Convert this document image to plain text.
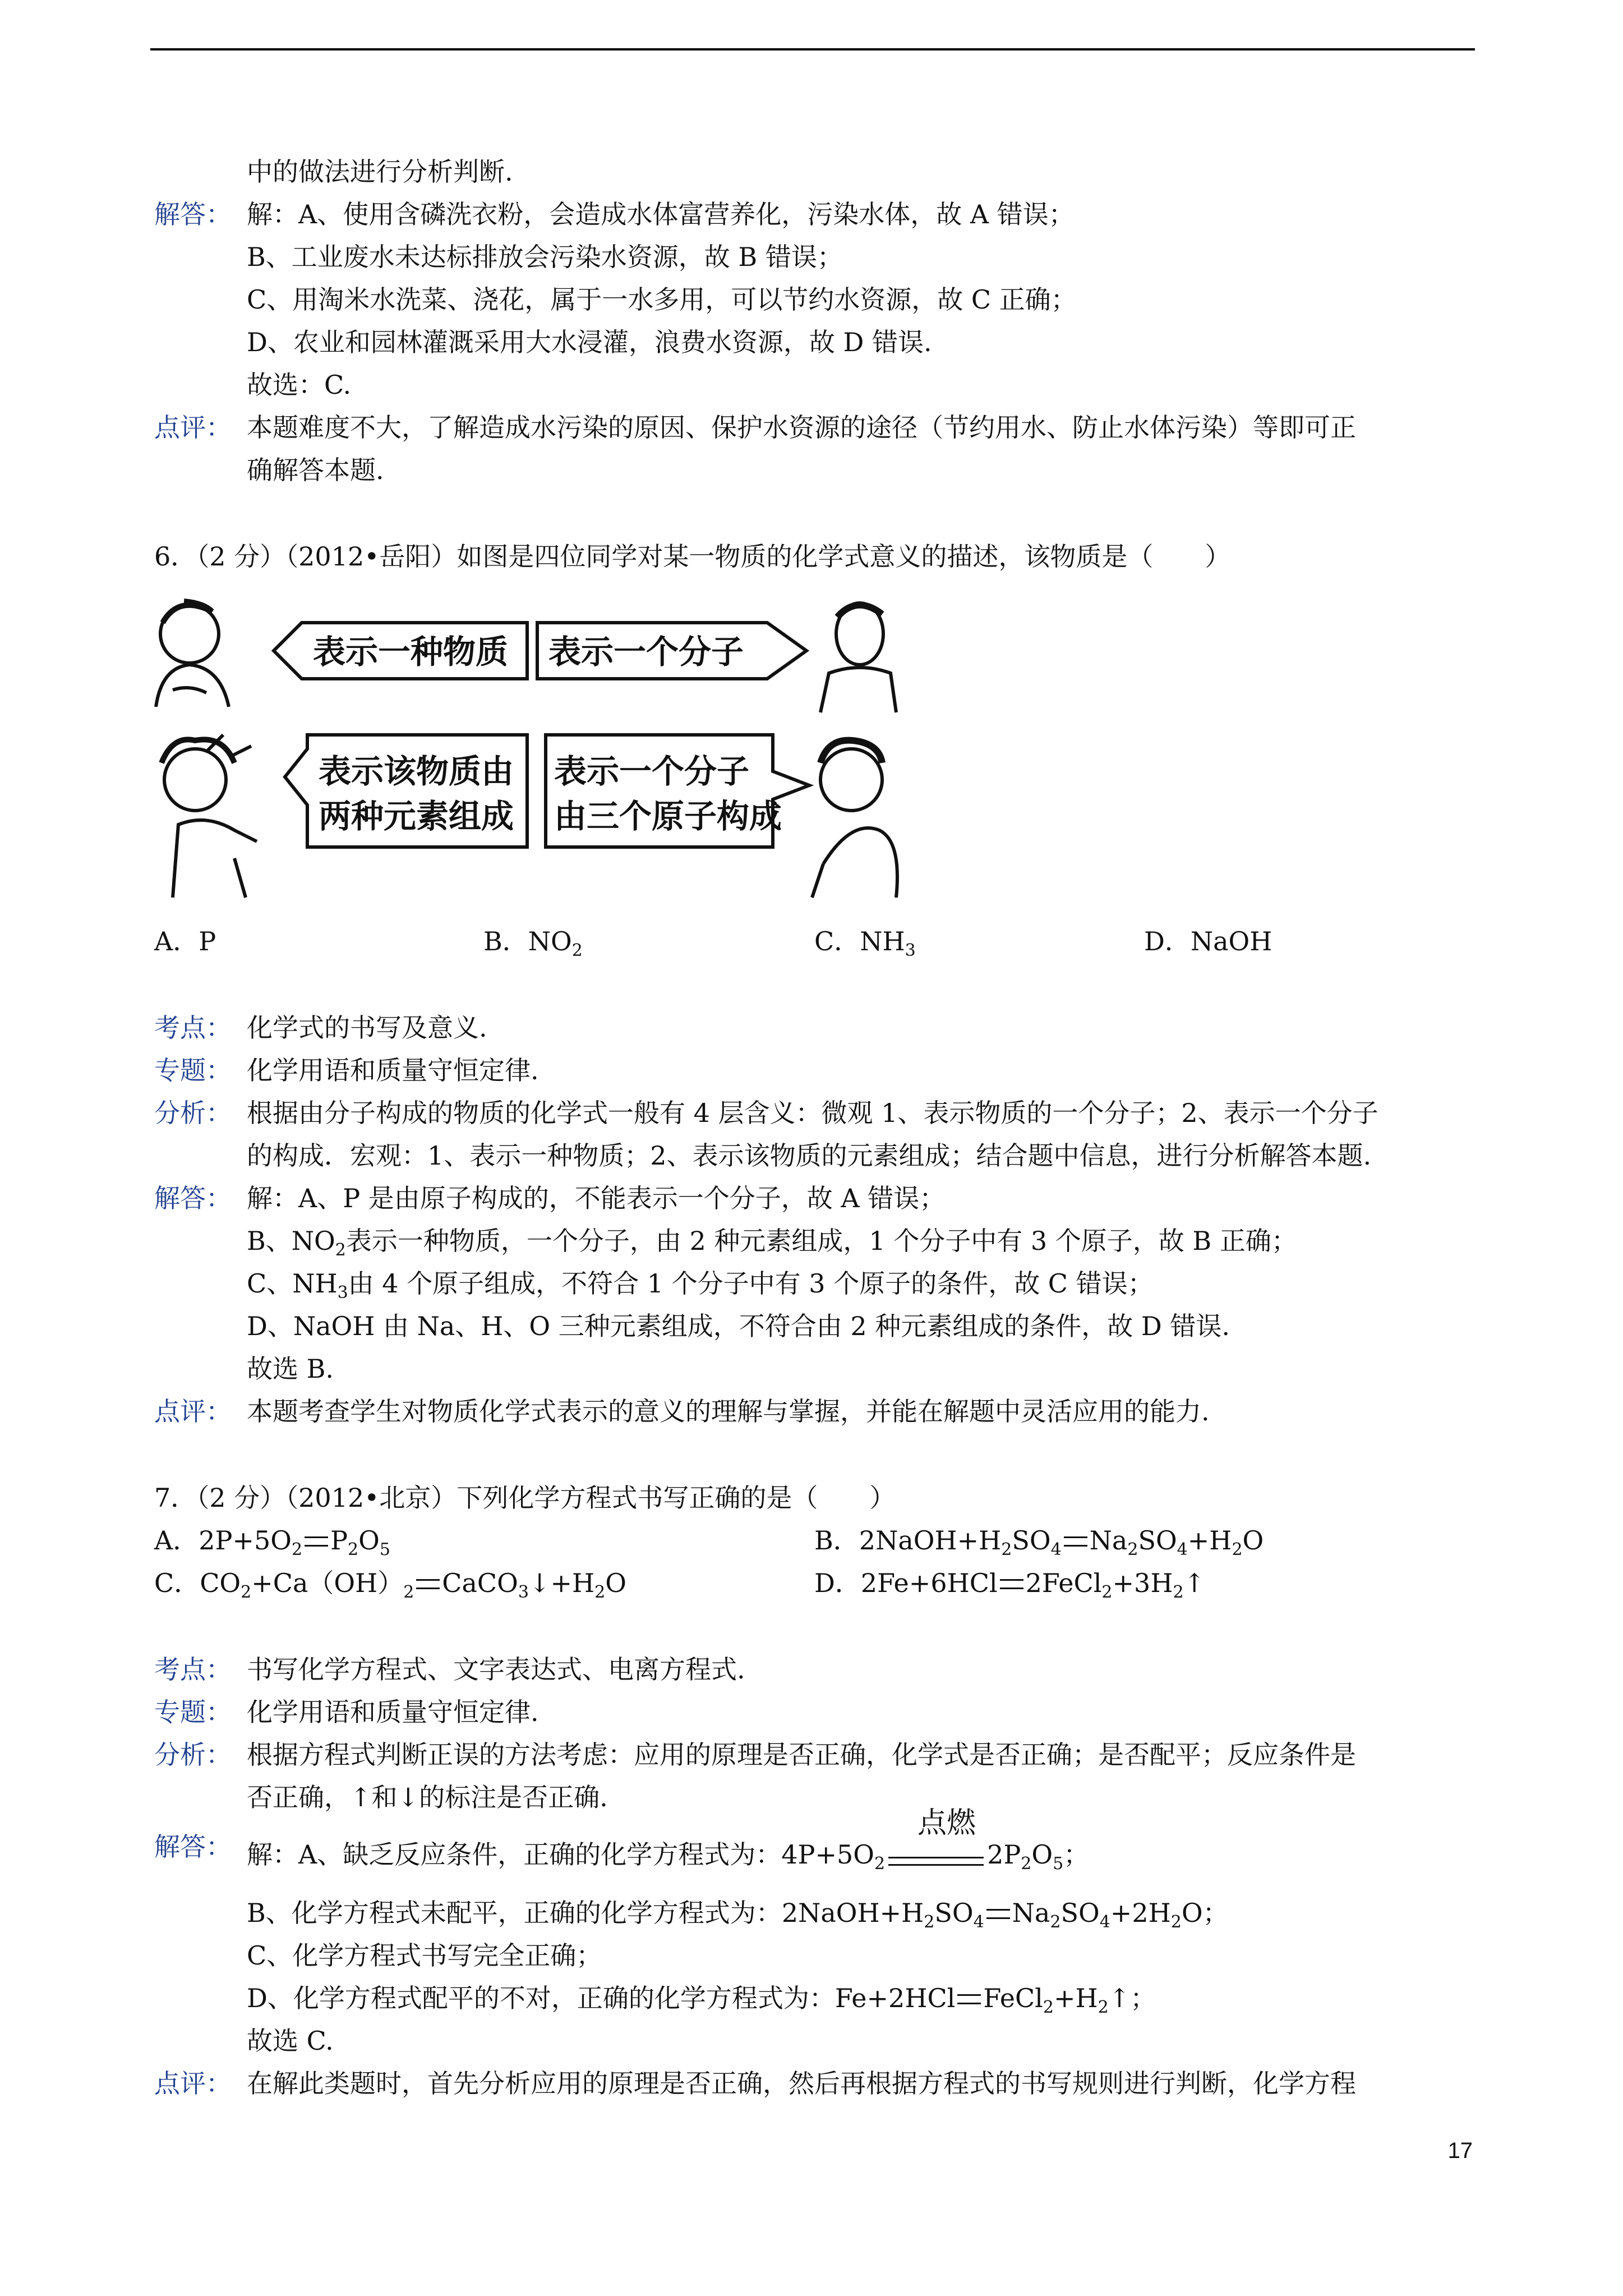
中的做法进行分析判断.
解答： 解：A、使用含磷洗衣粉，会造成水体富营养化，污染水体，故 A 错误；
B、工业废水未达标排放会污染水资源，故 B 错误；
C、用淘米水洗菜、浇花，属于一水多用，可以节约水资源，故 C 正确；
D、农业和园林灌溉采用大水浸灌，浪费水资源，故 D 错误.
故选：C.
点评： 本题难度不大，了解造成水污染的原因、保护水资源的途径（节约用水、防止水体污染）等即可正
确解答本题.
6．（2 分）（2012•岳阳）如图是四位同学对某一物质的化学式意义的描述，该物质是（　　）
表示一种物质 表示一个分子
表示该物质由
两种元素组成
表示一个分子
由三个原子构成
A．P	B．$NO_2$	C．$NH_3$	D．NaOH
考点： 化学式的书写及意义.
专题： 化学用语和质量守恒定律.
分析： 根据由分子构成的物质的化学式一般有 4 层含义：微观 1、表示物质的一个分子；2、表示一个分子
的构成．宏观：1、表示一种物质；2、表示该物质的元素组成；结合题中信息，进行分析解答本题.
解答： 解：A、P 是由原子构成的，不能表示一个分子，故 A 错误；
B、$NO_2$表示一种物质，一个分子，由 2 种元素组成，1 个分子中有 3 个原子，故 B 正确；
C、$NH_3$由 4 个原子组成，不符合 1 个分子中有 3 个原子的条件，故 C 错误；
D、NaOH 由 Na、H、O 三种元素组成，不符合由 2 种元素组成的条件，故 D 错误.
故选 B.
点评： 本题考查学生对物质化学式表示的意义的理解与掌握，并能在解题中灵活应用的能力.
7．（2 分）（2012•北京）下列化学方程式书写正确的是（　　）
A．$2P+5O_2$ $P_2O_5$	B．$2NaOH+H_2SO_4$ $Na_2SO_4+H_2O$
C．$CO_2+Ca(OH)_2$ $CaCO_3↓+H_2O$	D．2Fe+6HCl $2FeCl_2+3H_2↑$
考点： 书写化学方程式、文字表达式、电离方程式.
专题： 化学用语和质量守恒定律.
分析： 根据方程式判断正误的方法考虑：应用的原理是否正确，化学式是否正确；是否配平；反应条件是
否正确，↑和↓的标注是否正确.
解答：
点燃
解：A、缺乏反应条件，正确的化学方程式为：$4P+5O_2$	$2P_2O_5$；
B、化学方程式未配平，正确的化学方程式为：$2NaOH+H_2SO_4$ $Na_2SO_4+2H_2O$；
C、化学方程式书写完全正确；
D、化学方程式配平的不对，正确的化学方程式为：Fe+2HCl $FeCl_2+H_2↑$；
故选 C.
点评： 在解此类题时，首先分析应用的原理是否正确，然后再根据方程式的书写规则进行判断，化学方程
17
